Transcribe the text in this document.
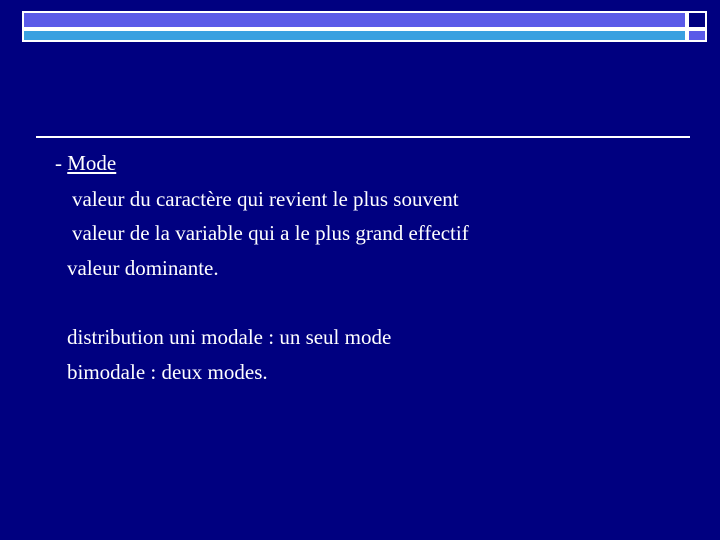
- Mode
valeur du caractère qui revient le plus souvent
valeur de la variable qui a le plus grand effectif
valeur dominante.
distribution uni modale : un seul mode
bimodale : deux modes.
